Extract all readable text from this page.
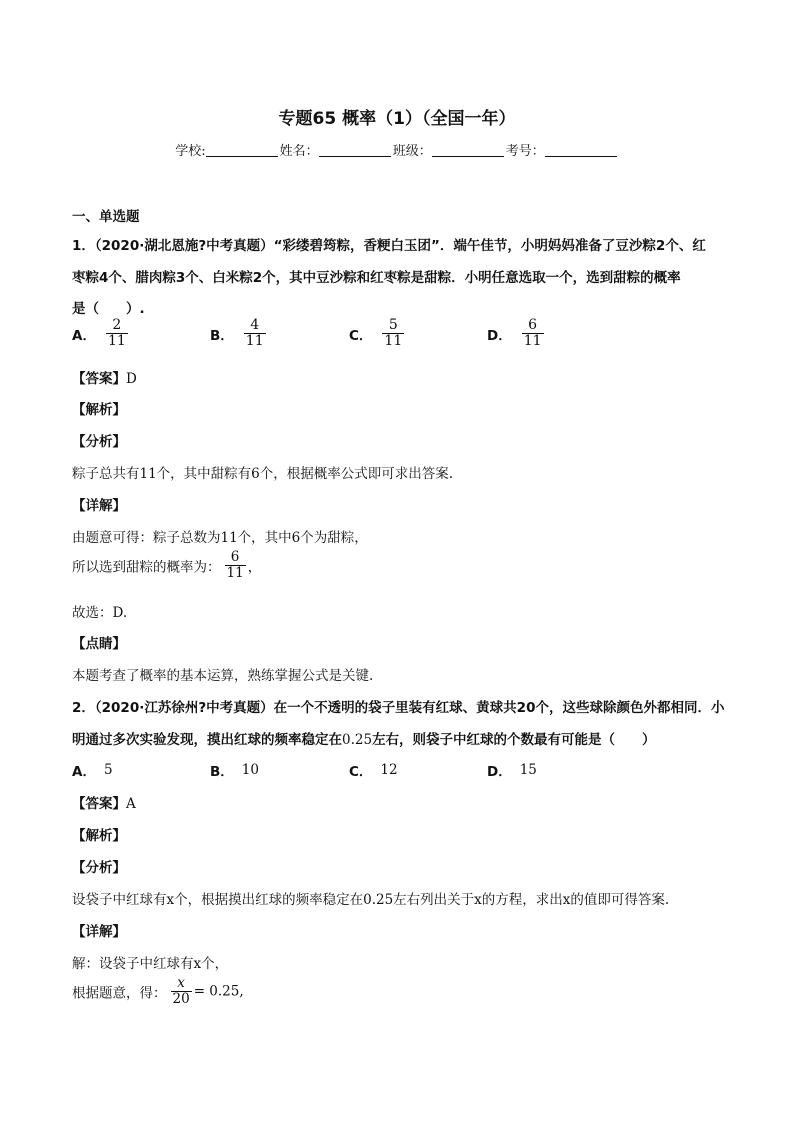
专题65 概率（1）（全国一年）
学校:	姓名：	班级：	考号：
一、单选题
1．（2020·湖北恩施?中考真题）“彩缕碧筠粽，香粳白玉团”．端午佳节，小明妈妈准备了豆沙粽2个、红
枣粽4个、腊肉粽3个、白米粽2个，其中豆沙粽和红枣粽是甜粽．小明任意选取一个，选到甜粽的概率
是（　　）.
A． $\frac{2}{11}$	B． $\frac{4}{11}$	C． $\frac{5}{11}$	D． $\frac{6}{11}$
【答案】D
【解析】
【分析】
粽子总共有11个，其中甜粽有6个，根据概率公式即可求出答案.
【详解】
由题意可得：粽子总数为11个，其中6个为甜粽，
所以选到甜粽的概率为： $\frac{6}{11}$ ，
故选：D.
【点睛】
本题考查了概率的基本运算，熟练掌握公式是关键.
2．（2020·江苏徐州?中考真题）在一个不透明的袋子里装有红球、黄球共20个，这些球除颜色外都相同．小
明通过多次实验发现，摸出红球的频率稳定在0.25左右，则袋子中红球的个数最有可能是（　　）
A． 5	B． 10	C． 12	D． 15
【答案】A
【解析】
【分析】
设袋子中红球有x个，根据摸出红球的频率稳定在0.25左右列出关于x的方程，求出x的值即可得答案.
【详解】
解：设袋子中红球有x个，
根据题意，得： $\frac{x}{20} = 0.25$,
